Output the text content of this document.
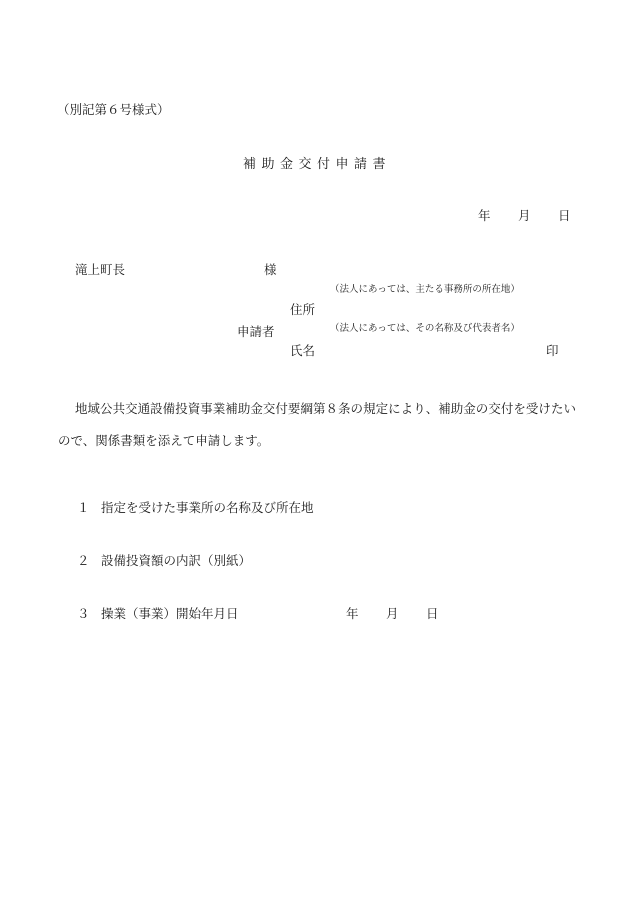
（別記第６号様式）
補助金交付申請書
年 月 日
滝上町長	様
（法人にあっては、主たる事務所の所在地）
住所
申請者	（法人にあっては、その名称及び代表者名）
氏名	印
地域公共交通設備投資事業補助金交付要綱第８条の規定により、補助金の交付を受けたいので、関係書類を添えて申請します。
１ 指定を受けた事業所の名称及び所在地
２ 設備投資額の内訳（別紙）
３ 操業（事業）開始年月日	年 月 日
